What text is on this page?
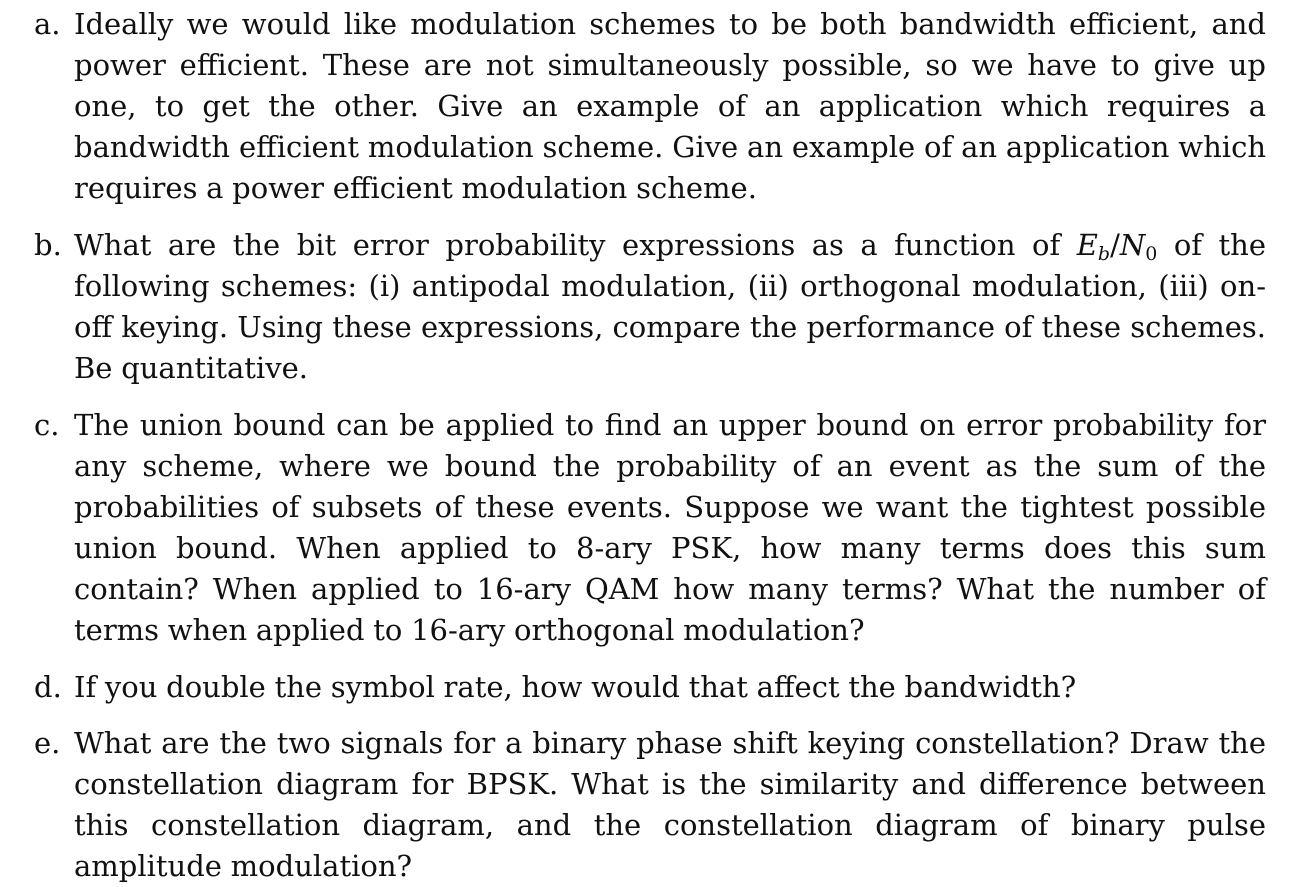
a. Ideally we would like modulation schemes to be both bandwidth efficient, and power efficient. These are not simultaneously possible, so we have to give up one, to get the other. Give an example of an application which requires a bandwidth efficient modulation scheme. Give an example of an application which requires a power efficient modulation scheme.
b. What are the bit error probability expressions as a function of $E_b/N_0$ of the following schemes: (i) antipodal modulation, (ii) orthogonal modulation, (iii) on-off keying. Using these expressions, compare the performance of these schemes. Be quantitative.
c. The union bound can be applied to find an upper bound on error probability for any scheme, where we bound the probability of an event as the sum of the probabilities of subsets of these events. Suppose we want the tightest possible union bound. When applied to 8-ary PSK, how many terms does this sum contain? When applied to 16-ary QAM how many terms? What the number of terms when applied to 16-ary orthogonal modulation?
d. If you double the symbol rate, how would that affect the bandwidth?
e. What are the two signals for a binary phase shift keying constellation? Draw the constellation diagram for BPSK. What is the similarity and difference between this constellation diagram, and the constellation diagram of binary pulse amplitude modulation?
